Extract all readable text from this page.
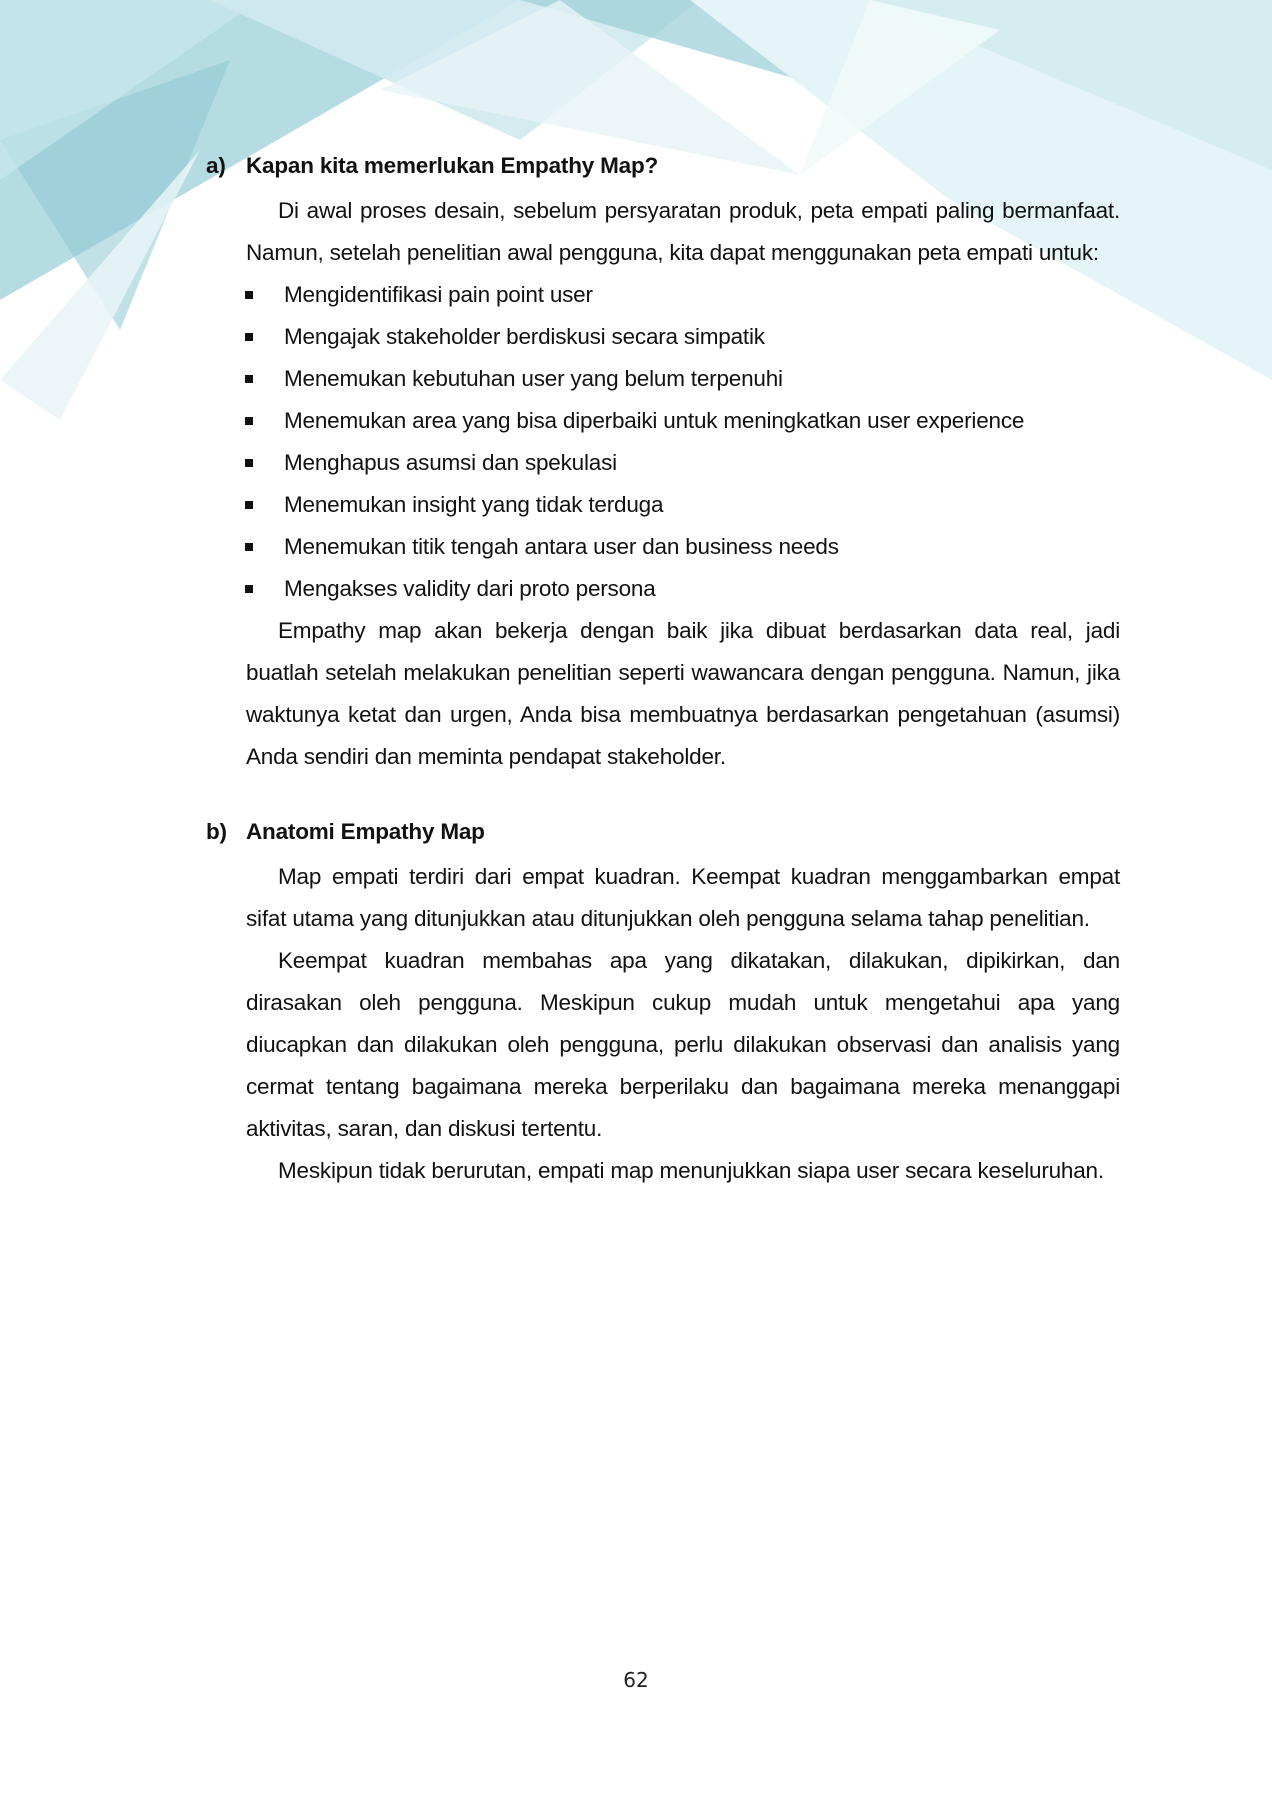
a) Kapan kita memerlukan Empathy Map?

Di awal proses desain, sebelum persyaratan produk, peta empati paling bermanfaat. Namun, setelah penelitian awal pengguna, kita dapat menggunakan peta empati untuk:

Mengidentifikasi pain point user
Mengajak stakeholder berdiskusi secara simpatik
Menemukan kebutuhan user yang belum terpenuhi
Menemukan area yang bisa diperbaiki untuk meningkatkan user experience
Menghapus asumsi dan spekulasi
Menemukan insight yang tidak terduga
Menemukan titik tengah antara user dan business needs
Mengakses validity dari proto persona

Empathy map akan bekerja dengan baik jika dibuat berdasarkan data real, jadi buatlah setelah melakukan penelitian seperti wawancara dengan pengguna. Namun, jika waktunya ketat dan urgen, Anda bisa membuatnya berdasarkan pengetahuan (asumsi) Anda sendiri dan meminta pendapat stakeholder.

b) Anatomi Empathy Map

Map empati terdiri dari empat kuadran. Keempat kuadran menggambarkan empat sifat utama yang ditunjukkan atau ditunjukkan oleh pengguna selama tahap penelitian.

Keempat kuadran membahas apa yang dikatakan, dilakukan, dipikirkan, dan dirasakan oleh pengguna. Meskipun cukup mudah untuk mengetahui apa yang diucapkan dan dilakukan oleh pengguna, perlu dilakukan observasi dan analisis yang cermat tentang bagaimana mereka berperilaku dan bagaimana mereka menanggapi aktivitas, saran, dan diskusi tertentu.

Meskipun tidak berurutan, empati map menunjukkan siapa user secara keseluruhan.

62
